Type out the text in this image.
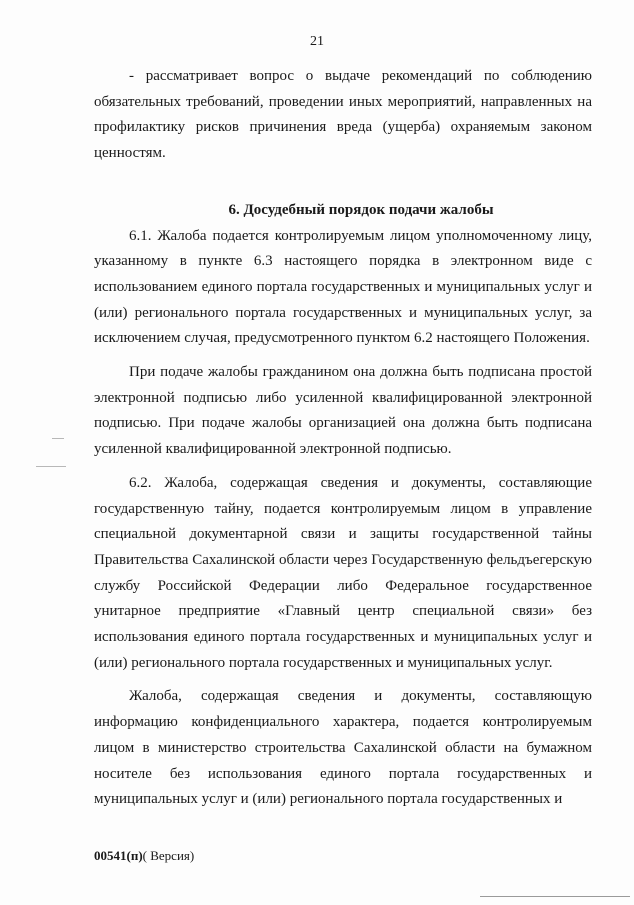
21

- рассматривает вопрос о выдаче рекомендаций по соблюдению обязательных требований, проведении иных мероприятий, направленных на профилактику рисков причинения вреда (ущерба) охраняемым законом ценностям.

6. Досудебный порядок подачи жалобы

6.1. Жалоба подается контролируемым лицом уполномоченному лицу, указанному в пункте 6.3 настоящего порядка в электронном виде с использованием единого портала государственных и муниципальных услуг и (или) регионального портала государственных и муниципальных услуг, за исключением случая, предусмотренного пунктом 6.2 настоящего Положения.

При подаче жалобы гражданином она должна быть подписана простой электронной подписью либо усиленной квалифицированной электронной подписью. При подаче жалобы организацией она должна быть подписана усиленной квалифицированной электронной подписью.

6.2. Жалоба, содержащая сведения и документы, составляющие государственную тайну, подается контролируемым лицом в управление специальной документарной связи и защиты государственной тайны Правительства Сахалинской области через Государственную фельдъегерскую службу Российской Федерации либо Федеральное государственное унитарное предприятие «Главный центр специальной связи» без использования единого портала государственных и муниципальных услуг и (или) регионального портала государственных и муниципальных услуг.

Жалоба, содержащая сведения и документы, составляющую информацию конфиденциального характера, подается контролируемым лицом в министерство строительства Сахалинской области на бумажном носителе без использования единого портала государственных и муниципальных услуг и (или) регионального портала государственных и

00541(п)( Версия)
